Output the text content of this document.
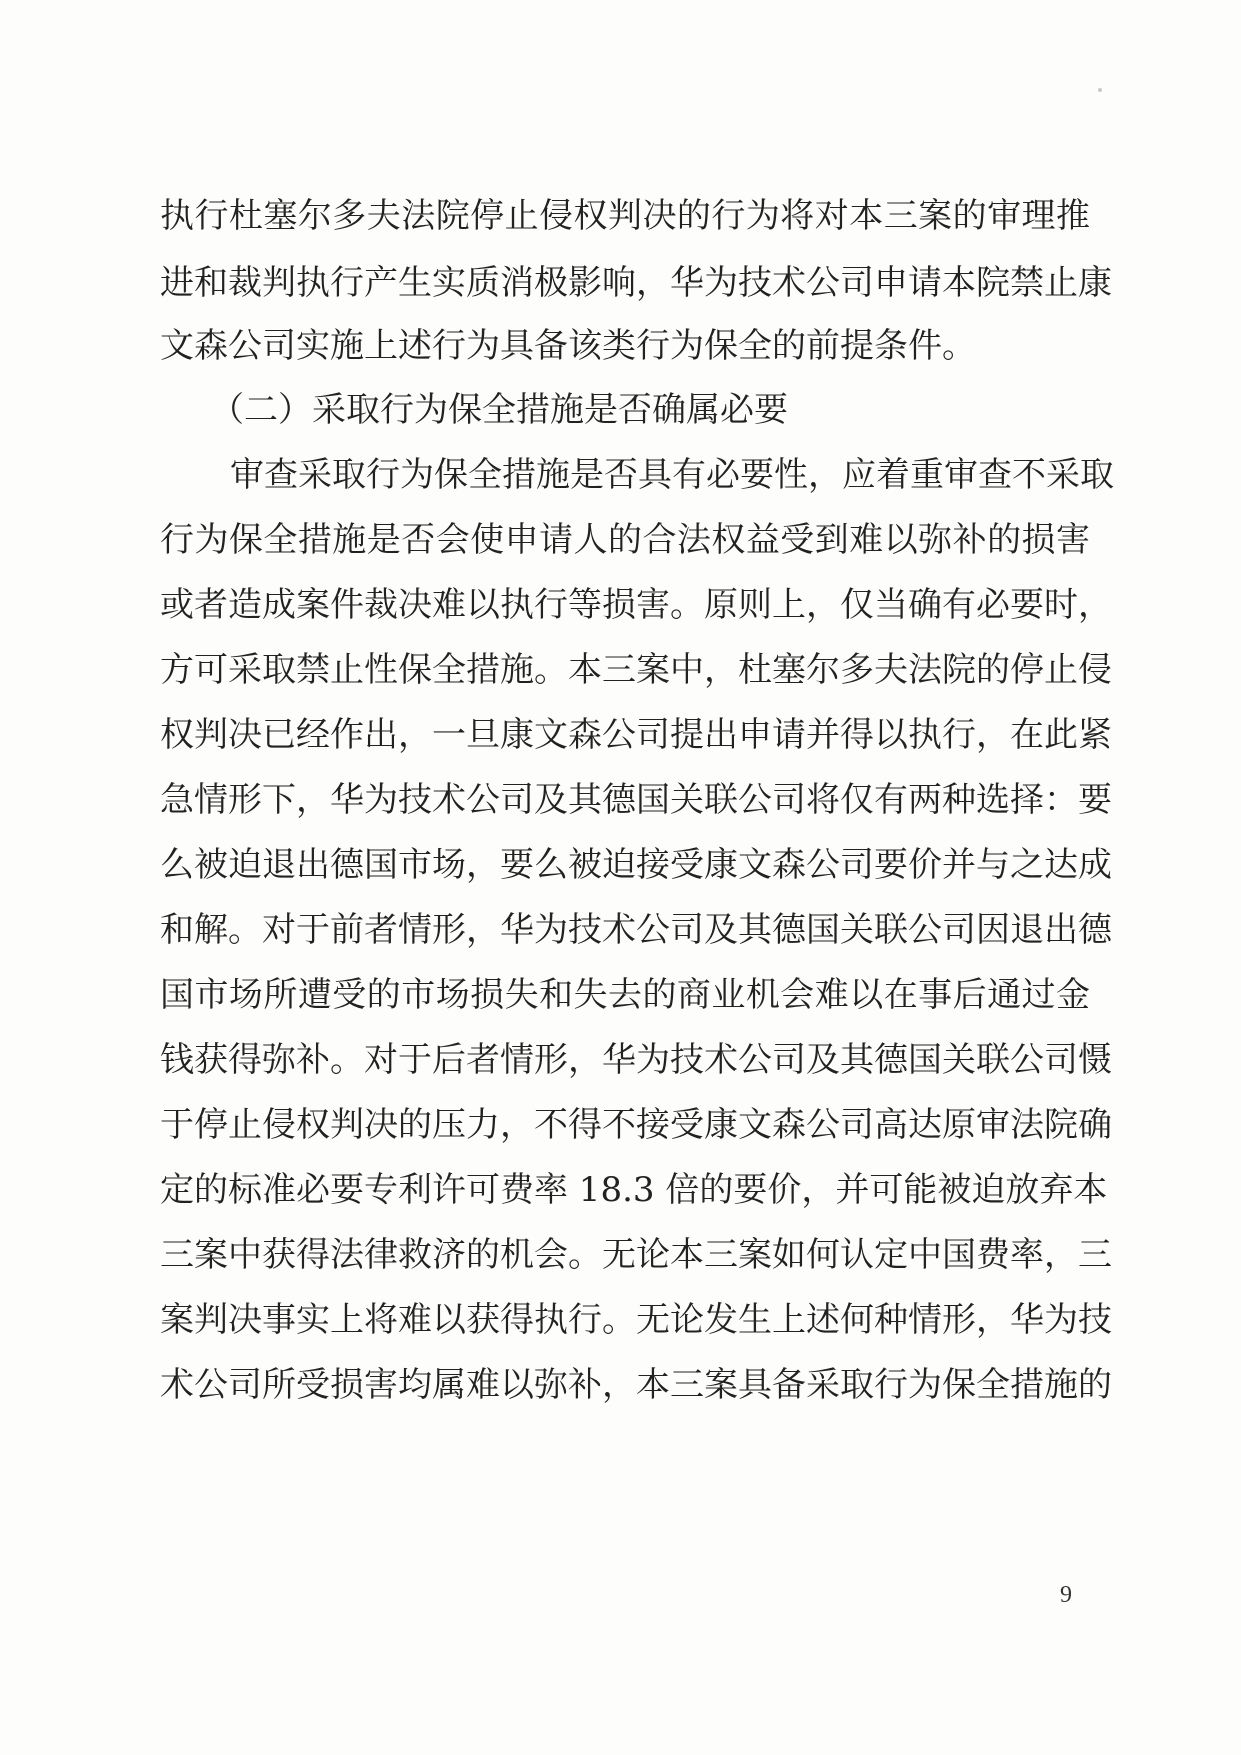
执行杜塞尔多夫法院停止侵权判决的行为将对本三案的审理推
进和裁判执行产生实质消极影响，华为技术公司申请本院禁止康
文森公司实施上述行为具备该类行为保全的前提条件。
（二）采取行为保全措施是否确属必要
审查采取行为保全措施是否具有必要性，应着重审查不采取
行为保全措施是否会使申请人的合法权益受到难以弥补的损害
或者造成案件裁决难以执行等损害。原则上，仅当确有必要时，
方可采取禁止性保全措施。本三案中，杜塞尔多夫法院的停止侵
权判决已经作出，一旦康文森公司提出申请并得以执行，在此紧
急情形下，华为技术公司及其德国关联公司将仅有两种选择：要
么被迫退出德国市场，要么被迫接受康文森公司要价并与之达成
和解。对于前者情形，华为技术公司及其德国关联公司因退出德
国市场所遭受的市场损失和失去的商业机会难以在事后通过金
钱获得弥补。对于后者情形，华为技术公司及其德国关联公司慑
于停止侵权判决的压力，不得不接受康文森公司高达原审法院确
定的标准必要专利许可费率 18.3 倍的要价，并可能被迫放弃本
三案中获得法律救济的机会。无论本三案如何认定中国费率，三
案判决事实上将难以获得执行。无论发生上述何种情形，华为技
术公司所受损害均属难以弥补，本三案具备采取行为保全措施的
9
